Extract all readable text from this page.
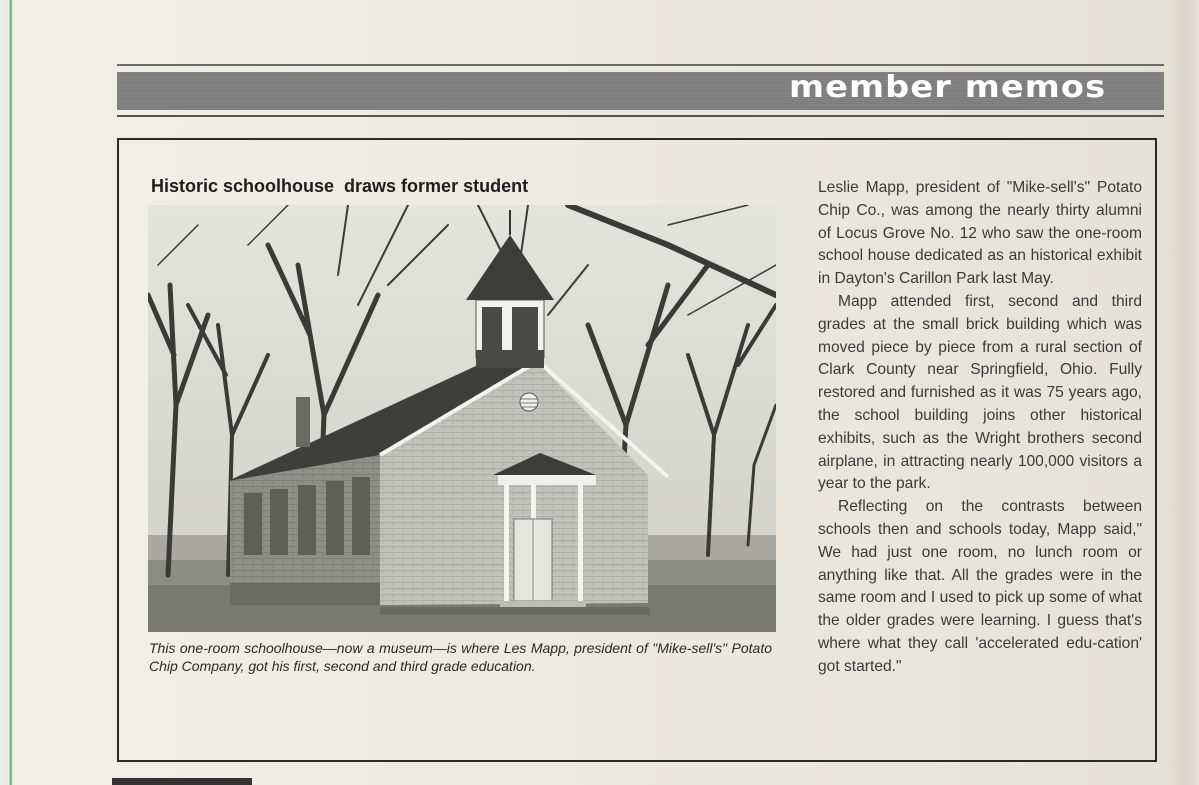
member memos
Historic schoolhouse  draws former student
This one-room schoolhouse—now a museum—is where Les Mapp, president of "Mike-sell's" Potato Chip Company, got his first, second and third grade education.

Leslie Mapp, president of "Mike-sell's" Potato Chip Co., was among the nearly thirty alumni of Locus Grove No. 12 who saw the one-room school house dedicated as an historical exhibit in Dayton's Carillon Park last May.

Mapp attended first, second and third grades at the small brick building which was moved piece by piece from a rural section of Clark County near Springfield, Ohio. Fully restored and furnished as it was 75 years ago, the school building joins other historical exhibits, such as the Wright brothers second airplane, in attracting nearly 100,000 visitors a year to the park.

Reflecting on the contrasts between schools then and schools today, Mapp said," We had just one room, no lunch room or anything like that. All the grades were in the same room and I used to pick up some of what the older grades were learning. I guess that's where what they call 'accelerated edu-cation' got started."
